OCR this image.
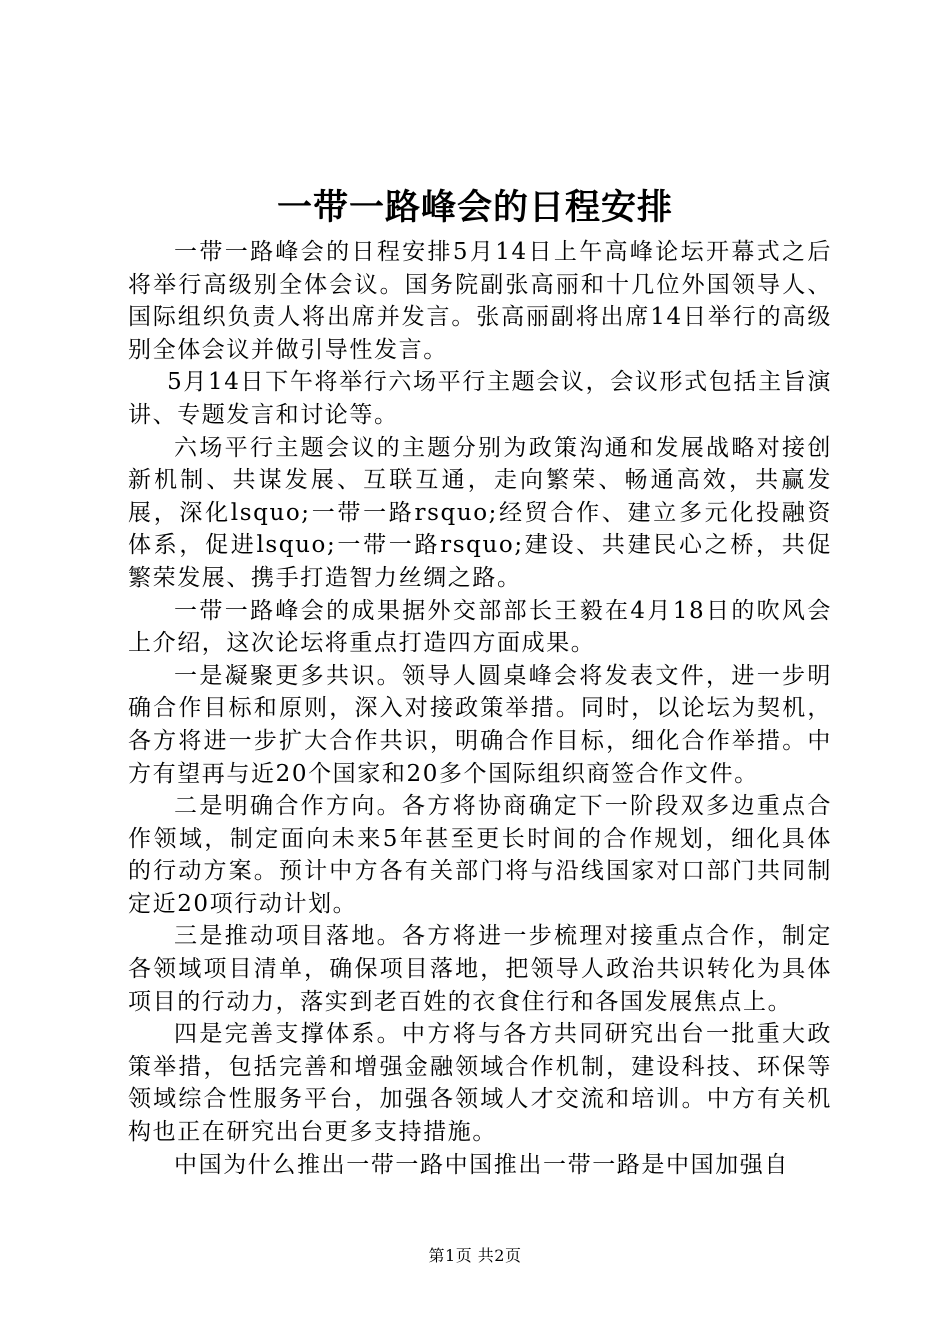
一带一路峰会的日程安排

一带一路峰会的日程安排5月14日上午高峰论坛开幕式之后将举行高级别全体会议。国务院副张高丽和十几位外国领导人、国际组织负责人将出席并发言。张高丽副将出席14日举行的高级别全体会议并做引导性发言。

5月14日下午将举行六场平行主题会议，会议形式包括主旨演讲、专题发言和讨论等。

六场平行主题会议的主题分别为政策沟通和发展战略对接创新机制、共谋发展、互联互通，走向繁荣、畅通高效，共赢发展，深化lsquo;一带一路rsquo;经贸合作、建立多元化投融资体系，促进lsquo;一带一路rsquo;建设、共建民心之桥，共促繁荣发展、携手打造智力丝绸之路。

一带一路峰会的成果据外交部部长王毅在4月18日的吹风会上介绍，这次论坛将重点打造四方面成果。

一是凝聚更多共识。领导人圆桌峰会将发表文件，进一步明确合作目标和原则，深入对接政策举措。同时，以论坛为契机，各方将进一步扩大合作共识，明确合作目标，细化合作举措。中方有望再与近20个国家和20多个国际组织商签合作文件。

二是明确合作方向。各方将协商确定下一阶段双多边重点合作领域，制定面向未来5年甚至更长时间的合作规划，细化具体的行动方案。预计中方各有关部门将与沿线国家对口部门共同制定近20项行动计划。

三是推动项目落地。各方将进一步梳理对接重点合作，制定各领域项目清单，确保项目落地，把领导人政治共识转化为具体项目的行动力，落实到老百姓的衣食住行和各国发展焦点上。

四是完善支撑体系。中方将与各方共同研究出台一批重大政策举措，包括完善和增强金融领域合作机制，建设科技、环保等领域综合性服务平台，加强各领域人才交流和培训。中方有关机构也正在研究出台更多支持措施。

中国为什么推出一带一路中国推出一带一路是中国加强自

第1页 共2页
